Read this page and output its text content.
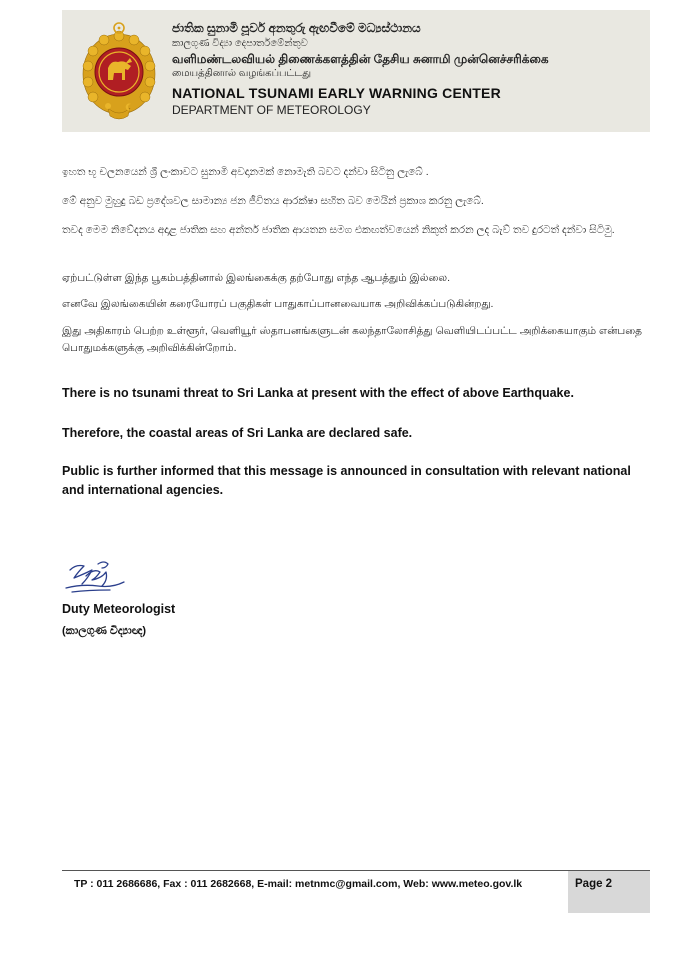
ජාතික සුනාමි පූර්ව අනතුරු ඇඟවීමේ මධ්‍යස්ථානය
කාලගුණ විද්‍යා දෙපාර්තමේන්තුව
வளிமண்டலவியல் திணைக்களத்தின் தேசிய சுனாமி முன்னெச்சரிக்கை
மையத்தினால் வழங்கப்பட்டது
NATIONAL TSUNAMI EARLY WARNING CENTER
DEPARTMENT OF METEOROLOGY

ඉහත භූ චලනයෙන් ශ්‍රී ලංකාවට සුනාමි අවදානමක් නොමැති බවට දන්වා සිටිනු ලැබේ .

මේ අනුව මුහුදු බඩ ප්‍රදේශවල සාමාන්‍ය ජන ජීවිතය ආරක්ෂා සහිත බව මෙයින් ප්‍රකාශ කරනු ලැබේ.

තවද මෙම නිවේදනය අදාළ ජාතික සහ අන්තර් ජාතික ආයතන සමග එකඟත්වයෙන් නිකුත් කරන ලද බැව් තව දුරටත් දන්වා සිටිමු.

ஏற்பட்டுள்ள இந்த பூகம்பத்தினால் இலங்கைக்கு தற்போது எந்த ஆபத்தும் இல்லை.

எனவே இலங்கையின் கரையோரப் பகுதிகள் பாதுகாப்பானவையாக அறிவிக்கப்படுகின்றது.

இது அதிகாரம் பெற்ற உள்ளூர், வெளியூர் ஸ்தாபனங்களுடன் கலந்தாலோசித்து வெளியிடப்பட்ட அறிக்கையாகும் என்பதை பொதுமக்களுக்கு அறிவிக்கின்றோம்.

There is no tsunami threat to Sri Lanka at present with the effect of above Earthquake.
Therefore, the coastal areas of Sri Lanka are declared safe.
Public is further informed that this message is announced in consultation with relevant national and international agencies.
Duty Meteorologist
(කාලගුණ විද්‍යාඥ)
TP : 011 2686686, Fax : 011 2682668, E-mail: metnmc@gmail.com, Web: www.meteo.gov.lk	Page 2
